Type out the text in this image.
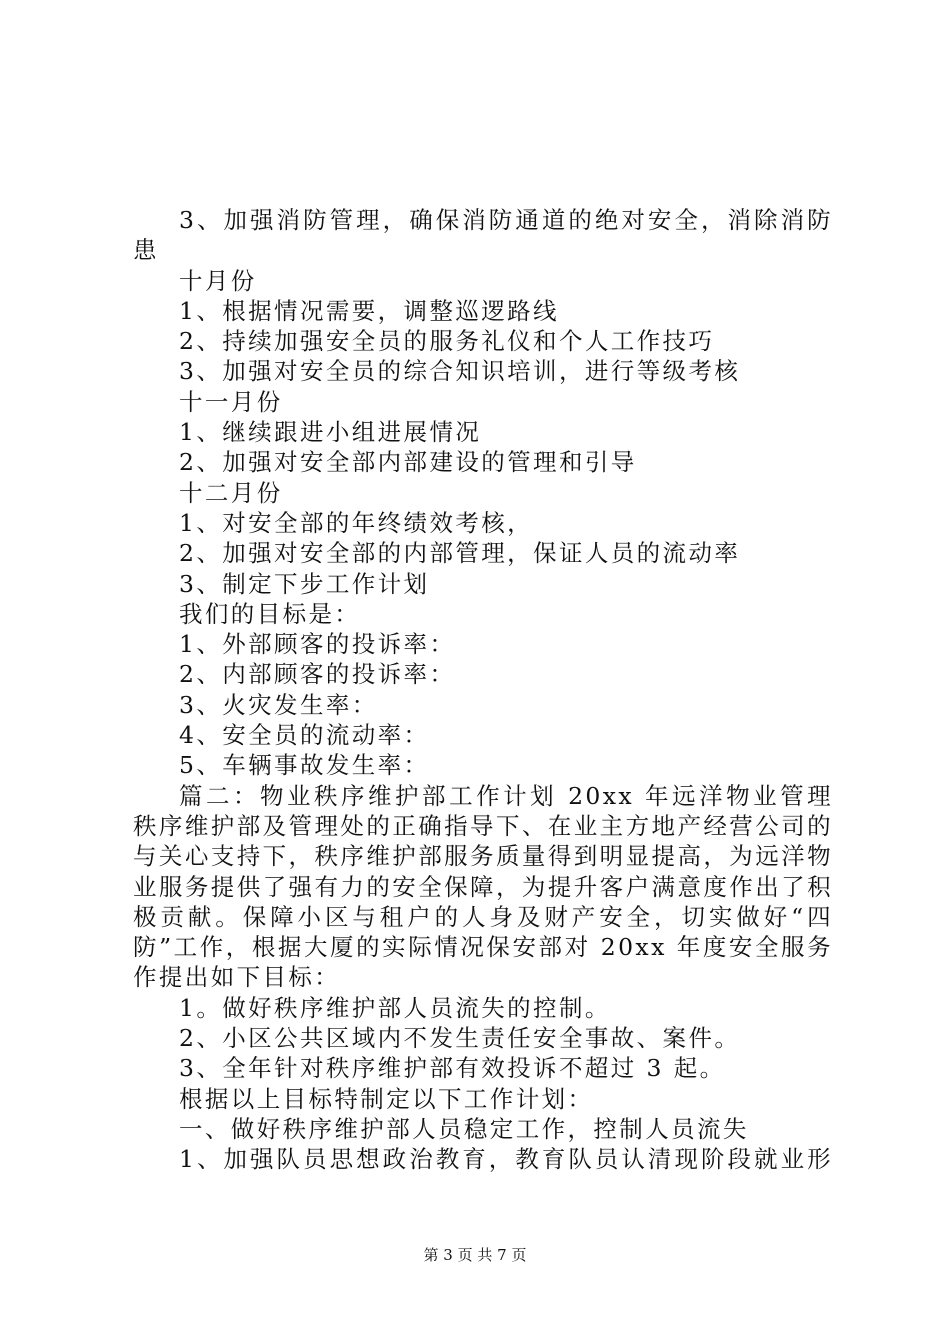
3、加强消防管理，确保消防通道的绝对安全，消除消防
患
十月份
1、根据情况需要，调整巡逻路线
2、持续加强安全员的服务礼仪和个人工作技巧
3、加强对安全员的综合知识培训，进行等级考核
十一月份
1、继续跟进小组进展情况
2、加强对安全部内部建设的管理和引导
十二月份
1、对安全部的年终绩效考核，
2、加强对安全部的内部管理，保证人员的流动率
3、制定下步工作计划
我们的目标是：
1、外部顾客的投诉率：
2、内部顾客的投诉率：
3、火灾发生率：
4、安全员的流动率：
5、车辆事故发生率：
篇二：物业秩序维护部工作计划 20xx 年远洋物业管理
秩序维护部及管理处的正确指导下、在业主方地产经营公司的
与关心支持下，秩序维护部服务质量得到明显提高，为远洋物
业服务提供了强有力的安全保障，为提升客户满意度作出了积
极贡献。保障小区与租户的人身及财产安全，切实做好“四
防”工作，根据大厦的实际情况保安部对 20xx 年度安全服务
作提出如下目标：
1。做好秩序维护部人员流失的控制。
2、小区公共区域内不发生责任安全事故、案件。
3、全年针对秩序维护部有效投诉不超过 3 起。
根据以上目标特制定以下工作计划：
一、做好秩序维护部人员稳定工作，控制人员流失
1、加强队员思想政治教育，教育队员认清现阶段就业形
第 3 页 共 7 页
